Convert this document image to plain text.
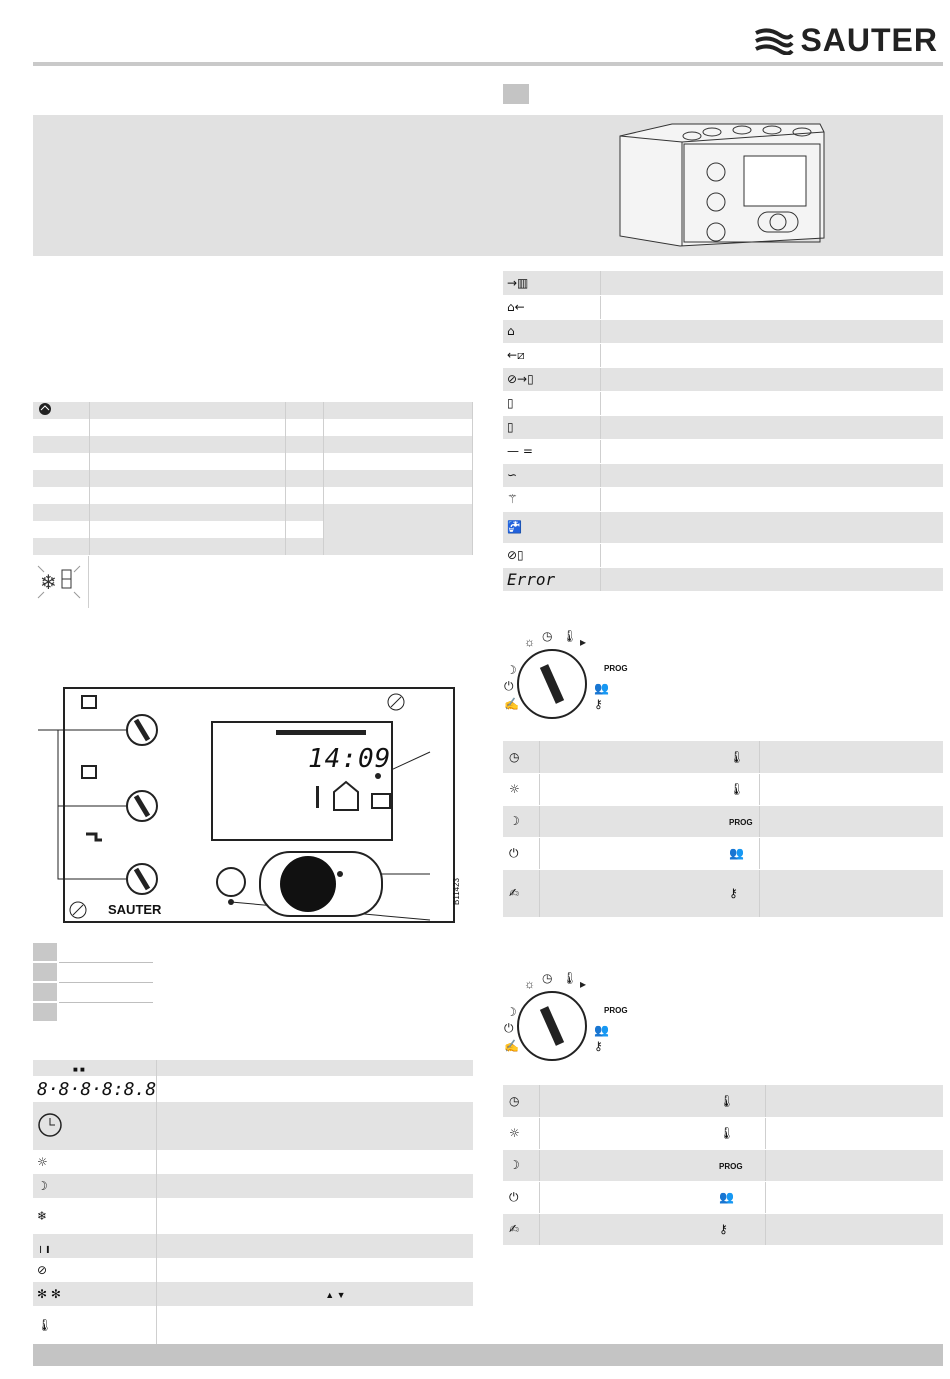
SAUTER

❄
14:09
SAUTER
B11423
■ ■	
8·8·8·8:8.8	

☼	
☽	
❄	
╷╻	
⊘	
✻ ✻	▲ ▼
🌡	
→▥	
⌂←	
⌂	
←⧄	
⊘→▯	
▯	
▯	
— =	
∽	
⚚	
🚰	
⊘▯	
Error	
☼ ◷ 🌡 ▸
☽
⏻
✍
👥
⚷
PROG
◷		🌡	
☼		🌡	
☽		PROG	
⏻		👥	
✍		⚷	
☼ ◷ 🌡 ▸
☽
⏻
✍
👥
⚷
PROG
◷		🌡	
☼		🌡	
☽		PROG	
⏻		👥	
✍		⚷	
